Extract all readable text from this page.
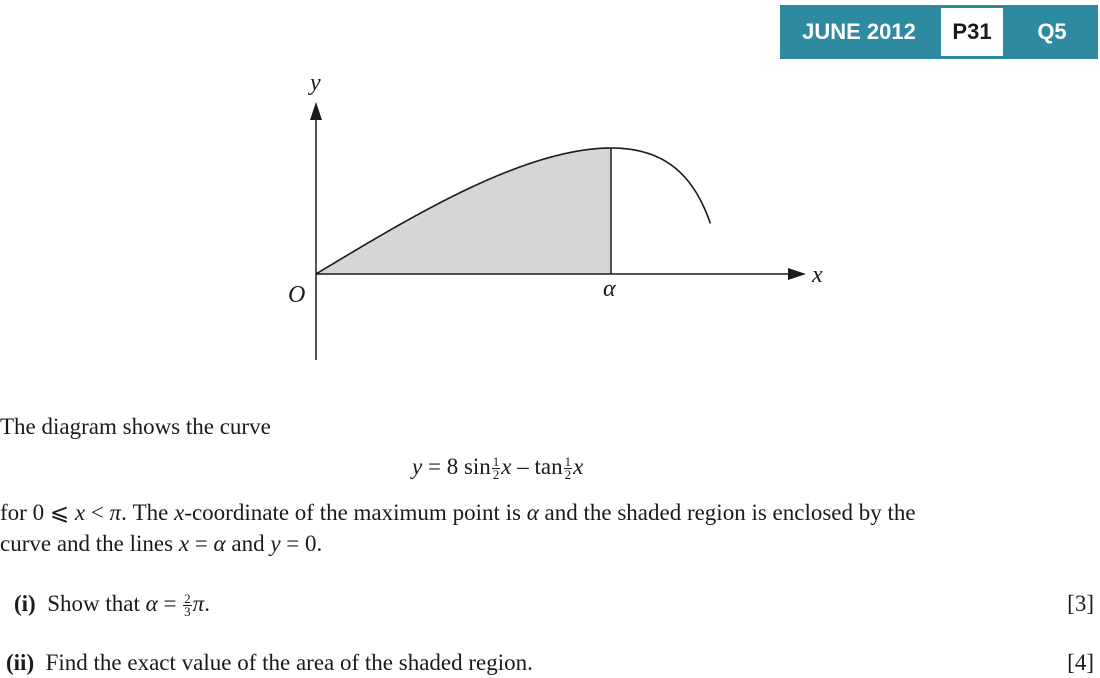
JUNE 2012	P31	Q5
y
x
O	α
The diagram shows the curve
y = 8 $\sin \frac{1}{2}$ x – $\tan \frac{1}{2}$ x
for 0 ⩽ x < π. The x-coordinate of the maximum point is α and the shaded region is enclosed by the
curve and the lines x = α and y = 0.
(i) Show that $\alpha = \frac{2}{3} \pi$.	[3]
(ii) Find the exact value of the area of the shaded region.	[4]
